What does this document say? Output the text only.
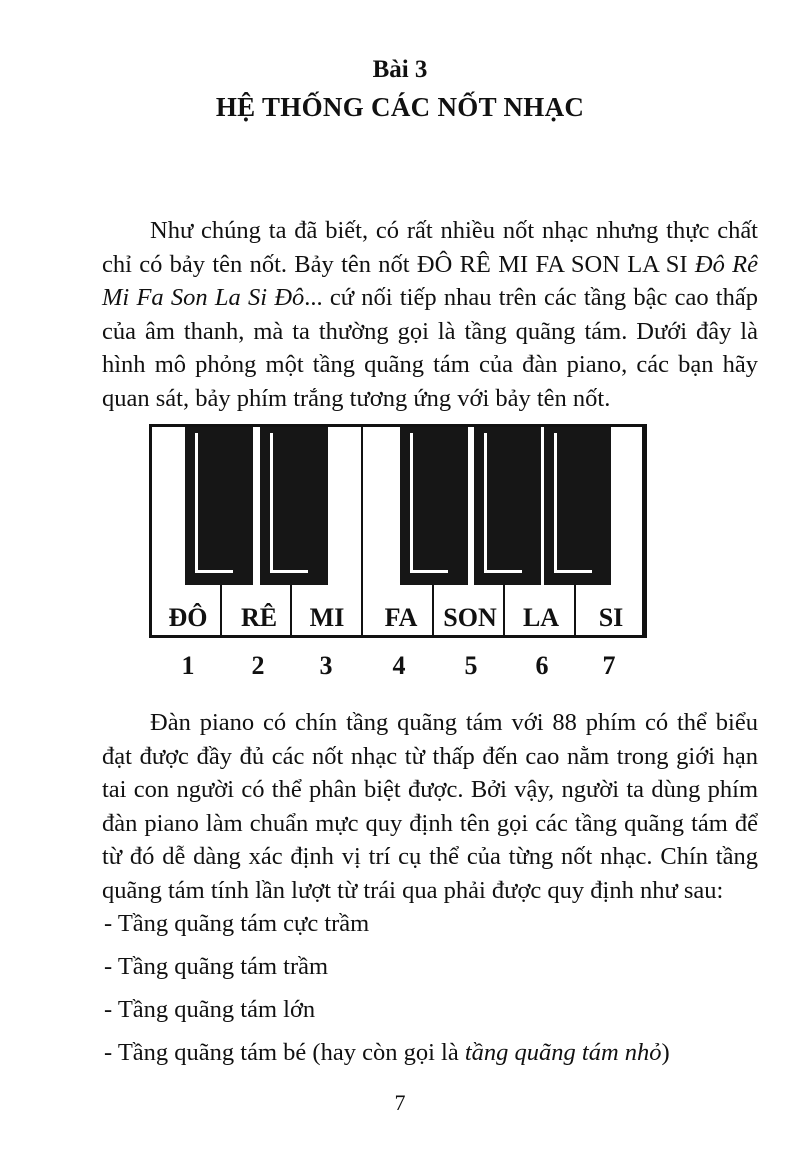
Bài 3
HỆ THỐNG CÁC NỐT NHẠC

Như chúng ta đã biết, có rất nhiều nốt nhạc nhưng thực chất chỉ có bảy tên nốt. Bảy tên nốt ĐÔ RÊ MI FA SON LA SI Đô Rê Mi Fa Son La Si Đô... cứ nối tiếp nhau trên các tầng bậc cao thấp của âm thanh, mà ta thường gọi là tầng quãng tám. Dưới đây là hình mô phỏng một tầng quãng tám của đàn piano, các bạn hãy quan sát, bảy phím trắng tương ứng với bảy tên nốt.

ĐÔ RÊ MI FA SON LA SI
1 2 3 4 5 6 7

Đàn piano có chín tầng quãng tám với 88 phím có thể biểu đạt được đầy đủ các nốt nhạc từ thấp đến cao nằm trong giới hạn tai con người có thể phân biệt được. Bởi vậy, người ta dùng phím đàn piano làm chuẩn mực quy định tên gọi các tầng quãng tám để từ đó dễ dàng xác định vị trí cụ thể của từng nốt nhạc. Chín tầng quãng tám tính lần lượt từ trái qua phải được quy định như sau:

- Tầng quãng tám cực trầm
- Tầng quãng tám trầm
- Tầng quãng tám lớn
- Tầng quãng tám bé (hay còn gọi là tầng quãng tám nhỏ)
7
